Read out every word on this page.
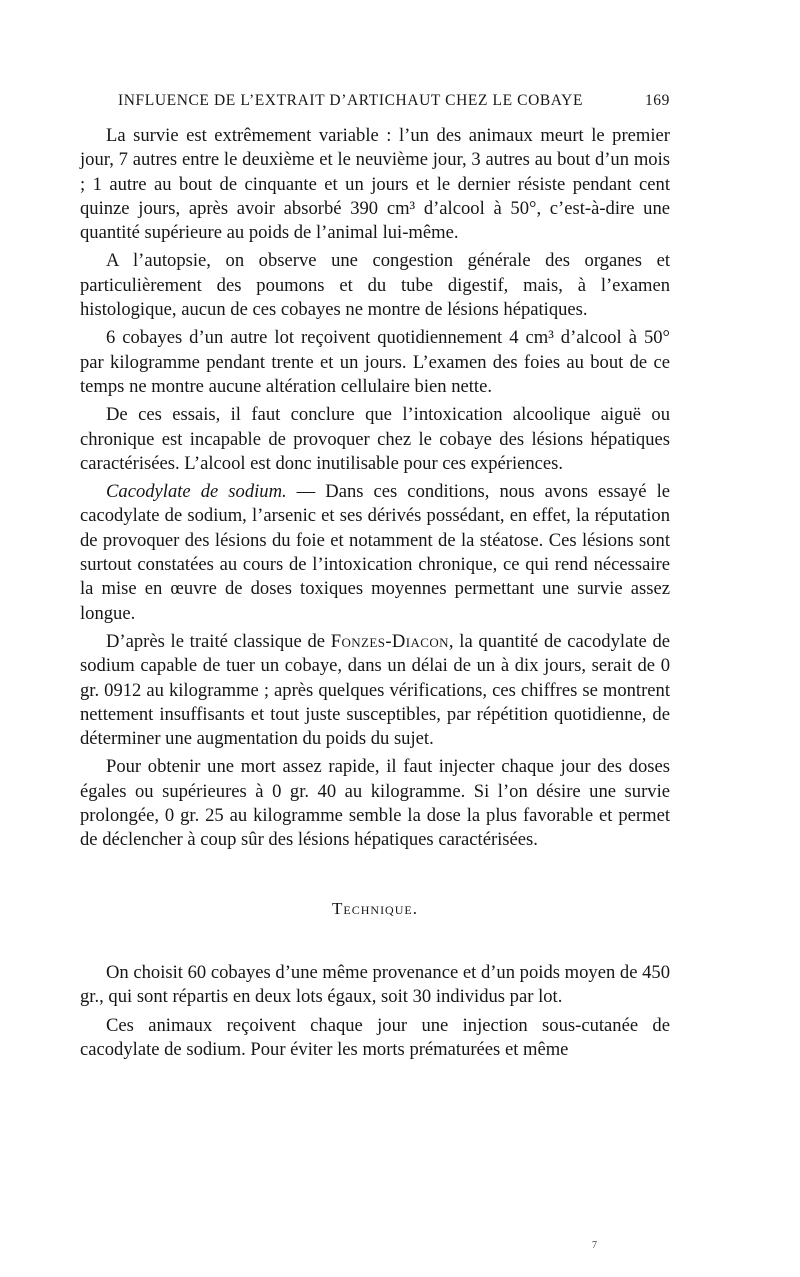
INFLUENCE DE L’EXTRAIT D’ARTICHAUT CHEZ LE COBAYE	169

La survie est extrêmement variable : l’un des animaux meurt le premier jour, 7 autres entre le deuxième et le neuvième jour, 3 autres au bout d’un mois ; 1 autre au bout de cinquante et un jours et le dernier résiste pendant cent quinze jours, après avoir absorbé 390 cm³ d’alcool à 50°, c’est-à-dire une quantité supérieure au poids de l’animal lui-même.

A l’autopsie, on observe une congestion générale des organes et particulièrement des poumons et du tube digestif, mais, à l’examen histologique, aucun de ces cobayes ne montre de lésions hépatiques.

6 cobayes d’un autre lot reçoivent quotidiennement 4 cm³ d’alcool à 50° par kilogramme pendant trente et un jours. L’examen des foies au bout de ce temps ne montre aucune altération cellulaire bien nette.

De ces essais, il faut conclure que l’intoxication alcoolique aiguë ou chronique est incapable de provoquer chez le cobaye des lésions hépatiques caractérisées. L’alcool est donc inutilisable pour ces expériences.

Cacodylate de sodium. — Dans ces conditions, nous avons essayé le cacodylate de sodium, l’arsenic et ses dérivés possédant, en effet, la réputation de provoquer des lésions du foie et notamment de la stéatose. Ces lésions sont surtout constatées au cours de l’intoxication chronique, ce qui rend nécessaire la mise en œuvre de doses toxiques moyennes permettant une survie assez longue.

D’après le traité classique de Fonzes-Diacon, la quantité de cacodylate de sodium capable de tuer un cobaye, dans un délai de un à dix jours, serait de 0 gr. 0912 au kilogramme ; après quelques vérifications, ces chiffres se montrent nettement insuffisants et tout juste susceptibles, par répétition quotidienne, de déterminer une augmentation du poids du sujet.

Pour obtenir une mort assez rapide, il faut injecter chaque jour des doses égales ou supérieures à 0 gr. 40 au kilogramme. Si l’on désire une survie prolongée, 0 gr. 25 au kilogramme semble la dose la plus favorable et permet de déclencher à coup sûr des lésions hépatiques caractérisées.

Technique.

On choisit 60 cobayes d’une même provenance et d’un poids moyen de 450 gr., qui sont répartis en deux lots égaux, soit 30 individus par lot.

Ces animaux reçoivent chaque jour une injection sous-cutanée de cacodylate de sodium. Pour éviter les morts prématurées et même

7
